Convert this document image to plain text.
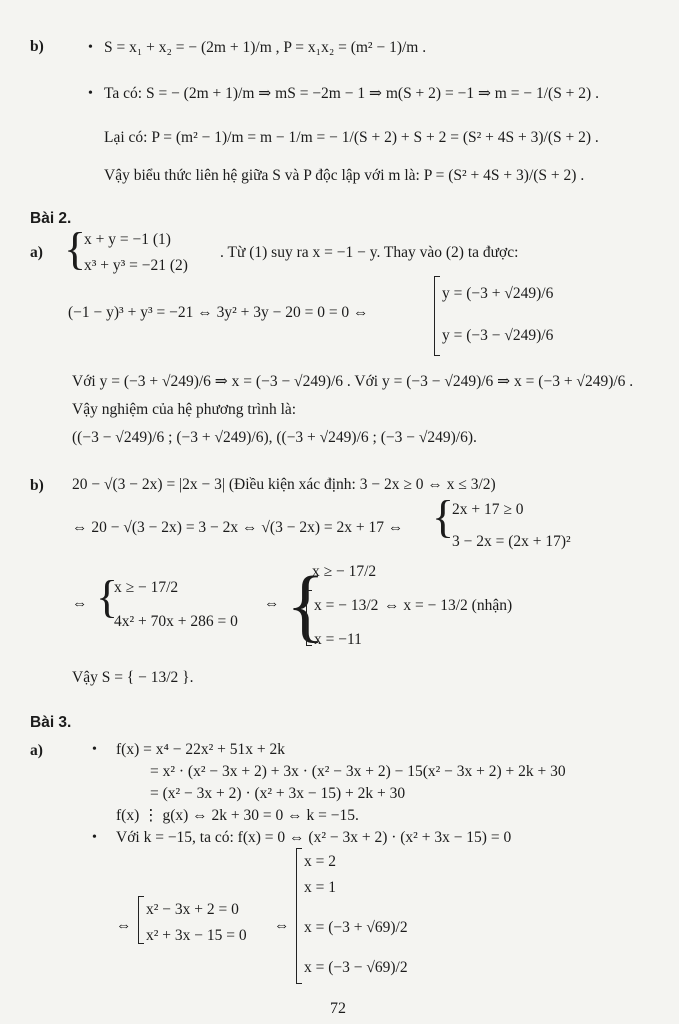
b)	• S = x₁ + x₂ = − (2m + 1)/m , P = x₁x₂ = (m² − 1)/m .
• Ta có: S = − (2m + 1)/m ⇒ mS = −2m − 1 ⇒ m(S + 2) = −1 ⇒ m = − 1/(S + 2) .
Lại có: P = (m² − 1)/m = m − 1/m = − 1/(S + 2) + S + 2 = (S² + 4S + 3)/(S + 2) .
Vậy biểu thức liên hệ giữa S và P độc lập với m là: P = (S² + 4S + 3)/(S + 2) .
Bài 2.
a) {
x + y = −1 (1)
x³ + y³ = −21 (2)
. Từ (1) suy ra x = −1 − y. Thay vào (2) ta được:
(−1 − y)³ + y³ = −21 ⇔ 3y² + 3y − 20 = 0 = 0 ⇔
y = (−3 + √249)/6
y = (−3 − √249)/6
Với y = (−3 + √249)/6 ⇒ x = (−3 − √249)/6 . Với y = (−3 − √249)/6 ⇒ x = (−3 + √249)/6 .
Vậy nghiệm của hệ phương trình là:
((−3 − √249)/6 ; (−3 + √249)/6), ((−3 + √249)/6 ; (−3 − √249)/6).
b) 20 − √(3 − 2x) = |2x − 3| (Điều kiện xác định: 3 − 2x ≥ 0 ⇔ x ≤ 3/2)
⇔ 20 − √(3 − 2x) = 3 − 2x ⇔ √(3 − 2x) = 2x + 17 ⇔ {
2x + 17 ≥ 0
3 − 2x = (2x + 17)²
⇔ {
x ≥ − 17/2
4x² + 70x + 286 = 0
⇔ {
x ≥ − 17/2
x = − 13/2
x = −11
⇔ x = − 13/2 (nhận)
Vậy S = { − 13/2 }.
Bài 3.
a)	• f(x) = x⁴ − 22x² + 51x + 2k
= x² · (x² − 3x + 2) + 3x · (x² − 3x + 2) − 15(x² − 3x + 2) + 2k + 30
= (x² − 3x + 2) · (x² + 3x − 15) + 2k + 30
f(x) ⋮ g(x) ⇔ 2k + 30 = 0 ⇔ k = −15.
• Với k = −15, ta có: f(x) = 0 ⇔ (x² − 3x + 2) · (x² + 3x − 15) = 0
⇔
x² − 3x + 2 = 0
x² + 3x − 15 = 0
⇔
x = 2
x = 1
x = (−3 + √69)/2
x = (−3 − √69)/2
72
